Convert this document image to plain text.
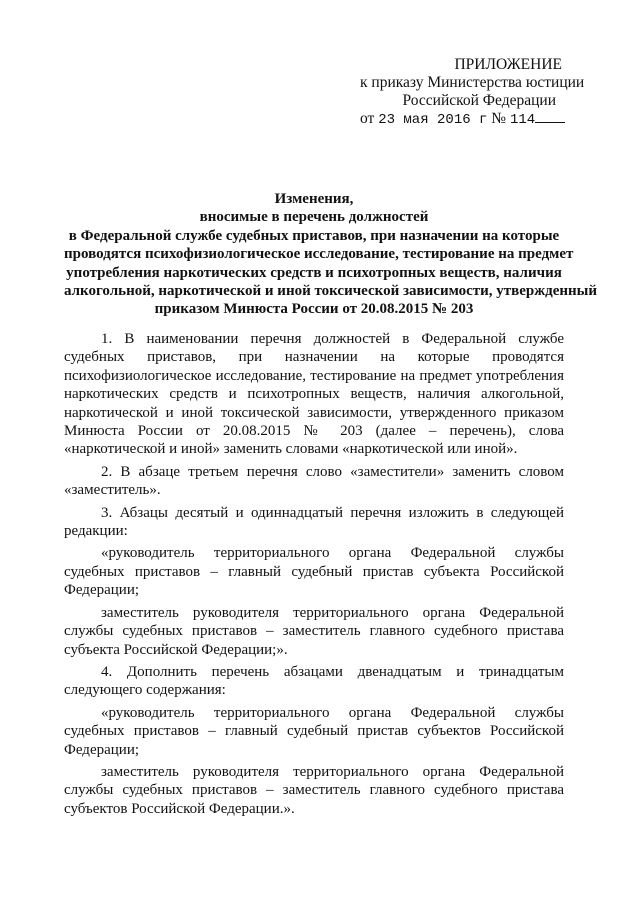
ПРИЛОЖЕНИЕ
к приказу Министерства юстиции
Российской Федерации
от 23 мая 2016 г № 114
Изменения,
вносимые в перечень должностей
в Федеральной службе судебных приставов, при назначении на которые
проводятся психофизиологическое исследование, тестирование на предмет
употребления наркотических средств и психотропных веществ, наличия
алкогольной, наркотической и иной токсической зависимости, утвержденный
приказом Минюста России от 20.08.2015 № 203

1. В наименовании перечня должностей в Федеральной службе судебных приставов, при назначении на которые проводятся психофизиологическое исследование, тестирование на предмет употребления наркотических средств и психотропных веществ, наличия алкогольной, наркотической и иной токсической зависимости, утвержденного приказом Минюста России от 20.08.2015 № 203 (далее – перечень), слова «наркотической и иной» заменить словами «наркотической или иной».

2. В абзаце третьем перечня слово «заместители» заменить словом «заместитель».

3. Абзацы десятый и одиннадцатый перечня изложить в следующей редакции:

«руководитель территориального органа Федеральной службы судебных приставов – главный судебный пристав субъекта Российской Федерации;

заместитель руководителя территориального органа Федеральной службы судебных приставов – заместитель главного судебного пристава субъекта Российской Федерации;».

4. Дополнить перечень абзацами двенадцатым и тринадцатым следующего содержания:

«руководитель территориального органа Федеральной службы судебных приставов – главный судебный пристав субъектов Российской Федерации;

заместитель руководителя территориального органа Федеральной службы судебных приставов – заместитель главного судебного пристава субъектов Российской Федерации.».
